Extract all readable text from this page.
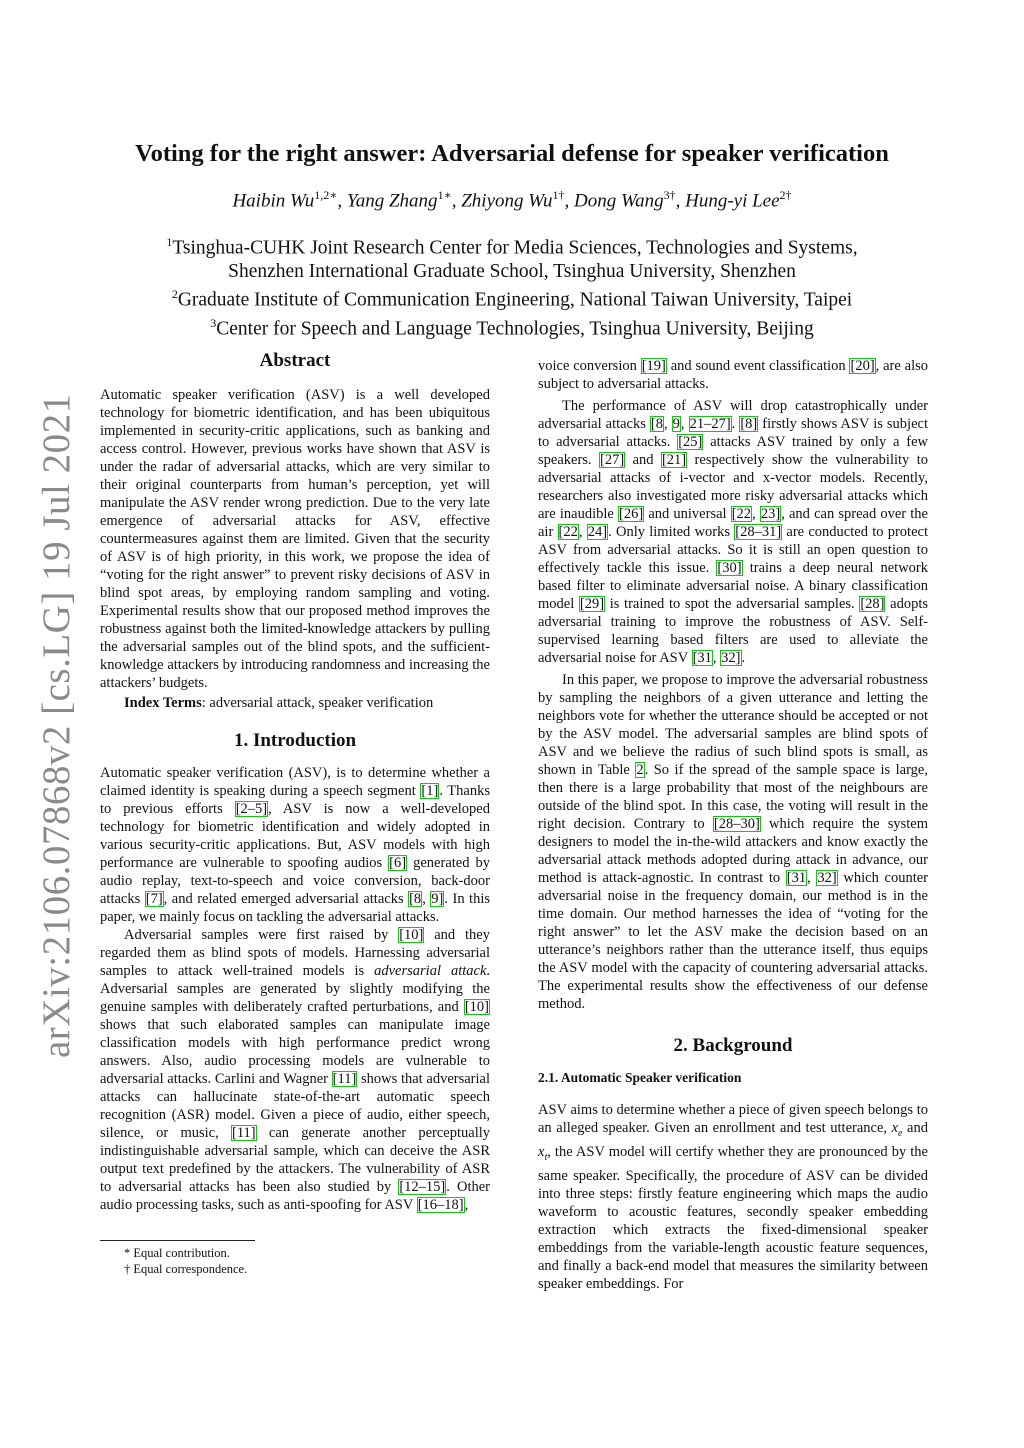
arXiv:2106.07868v2 [cs.LG] 19 Jul 2021
Voting for the right answer: Adversarial defense for speaker verification
Haibin $Wu^{1,2∗}$, Yang Zhang$^{1∗}$, Zhiyong $Wu^{1\dagger}$, Dong Wang$^{3\dagger}$, Hung-yi Lee$^{2\dagger}$
$^1$Tsinghua-CUHK Joint Research Center for Media Sciences, Technologies and Systems,
Shenzhen International Graduate School, Tsinghua University, Shenzhen
$^2$Graduate Institute of Communication Engineering, National Taiwan University, Taipei
$^3$Center for Speech and Language Technologies, Tsinghua University, Beijing
Abstract

Automatic speaker verification (ASV) is a well developed technology for biometric identification, and has been ubiquitous implemented in security-critic applications, such as banking and access control. However, previous works have shown that ASV is under the radar of adversarial attacks, which are very similar to their original counterparts from human’s perception, yet will manipulate the ASV render wrong prediction. Due to the very late emergence of adversarial attacks for ASV, effective countermeasures against them are limited. Given that the security of ASV is of high priority, in this work, we propose the idea of “voting for the right answer” to prevent risky decisions of ASV in blind spot areas, by employing random sampling and voting. Experimental results show that our proposed method improves the robustness against both the limited-knowledge attackers by pulling the adversarial samples out of the blind spots, and the sufficient-knowledge attackers by introducing randomness and increasing the attackers’ budgets.

Index Terms: adversarial attack, speaker verification

1. Introduction

Automatic speaker verification (ASV), is to determine whether a claimed identity is speaking during a speech segment [1]. Thanks to previous efforts [2–5], ASV is now a well-developed technology for biometric identification and widely adopted in various security-critic applications. But, ASV models with high performance are vulnerable to spoofing audios [6] generated by audio replay, text-to-speech and voice conversion, back-door attacks [7], and related emerged adversarial attacks [8, 9]. In this paper, we mainly focus on tackling the adversarial attacks.

Adversarial samples were first raised by [10] and they regarded them as blind spots of models. Harnessing adversarial samples to attack well-trained models is adversarial attack. Adversarial samples are generated by slightly modifying the genuine samples with deliberately crafted perturbations, and [10] shows that such elaborated samples can manipulate image classification models with high performance predict wrong answers. Also, audio processing models are vulnerable to adversarial attacks. Carlini and Wagner [11] shows that adversarial attacks can hallucinate state-of-the-art automatic speech recognition (ASR) model. Given a piece of audio, either speech, silence, or music, [11] can generate another perceptually indistinguishable adversarial sample, which can deceive the ASR output text predefined by the attackers. The vulnerability of ASR to adversarial attacks has been also studied by [12–15]. Other audio processing tasks, such as anti-spoofing for ASV [16–18],

* Equal contribution.
† Equal correspondence.

voice conversion [19] and sound event classification [20], are also subject to adversarial attacks.

The performance of ASV will drop catastrophically under adversarial attacks [8, 9, 21–27]. [8] firstly shows ASV is subject to adversarial attacks. [25] attacks ASV trained by only a few speakers. [27] and [21] respectively show the vulnerability to adversarial attacks of i-vector and x-vector models. Recently, researchers also investigated more risky adversarial attacks which are inaudible [26] and universal [22, 23], and can spread over the air [22, 24]. Only limited works [28–31] are conducted to protect ASV from adversarial attacks. So it is still an open question to effectively tackle this issue. [30] trains a deep neural network based filter to eliminate adversarial noise. A binary classification model [29] is trained to spot the adversarial samples. [28] adopts adversarial training to improve the robustness of ASV. Self-supervised learning based filters are used to alleviate the adversarial noise for ASV [31, 32].

In this paper, we propose to improve the adversarial robustness by sampling the neighbors of a given utterance and letting the neighbors vote for whether the utterance should be accepted or not by the ASV model. The adversarial samples are blind spots of ASV and we believe the radius of such blind spots is small, as shown in Table 2. So if the spread of the sample space is large, then there is a large probability that most of the neighbours are outside of the blind spot. In this case, the voting will result in the right decision. Contrary to [28–30] which require the system designers to model the in-the-wild attackers and know exactly the adversarial attack methods adopted during attack in advance, our method is attack-agnostic. In contrast to [31, 32] which counter adversarial noise in the frequency domain, our method is in the time domain. Our method harnesses the idea of “voting for the right answer” to let the ASV make the decision based on an utterance’s neighbors rather than the utterance itself, thus equips the ASV model with the capacity of countering adversarial attacks. The experimental results show the effectiveness of our defense method.

2. Background
2.1. Automatic Speaker verification

ASV aims to determine whether a piece of given speech belongs to an alleged speaker. Given an enrollment and test utterance, $x_e$ and $x_t$, the ASV model will certify whether they are pronounced by the same speaker. Specifically, the procedure of ASV can be divided into three steps: firstly feature engineering which maps the audio waveform to acoustic features, secondly speaker embedding extraction which extracts the fixed-dimensional speaker embeddings from the variable-length acoustic feature sequences, and finally a back-end model that measures the similarity between speaker embeddings. For
